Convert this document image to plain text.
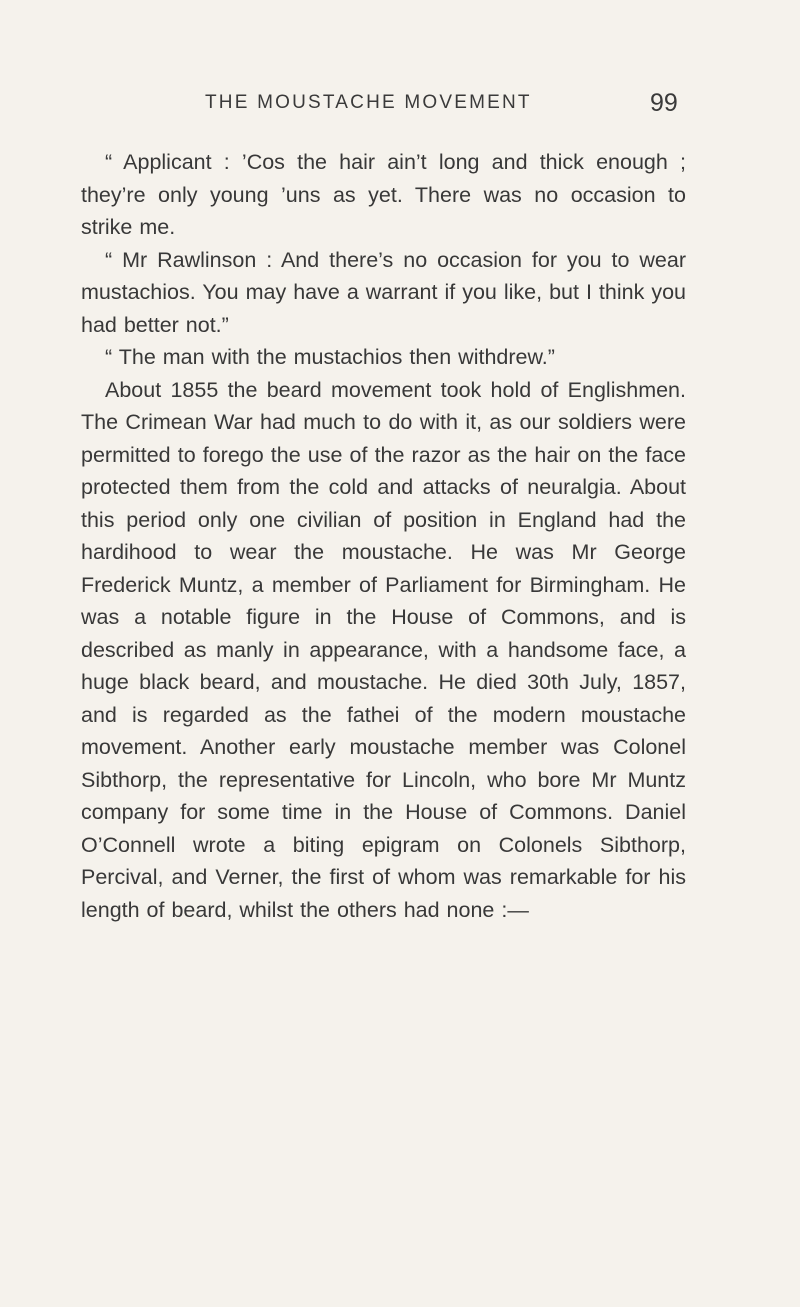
THE MOUSTACHE MOVEMENT	99

“ Applicant : ’Cos the hair ain’t long and thick enough ; they’re only young ’uns as yet. There was no occasion to strike me.

“ Mr Rawlinson : And there’s no occasion for you to wear mustachios. You may have a warrant if you like, but I think you had better not.”

“ The man with the mustachios then withdrew.”

About 1855 the beard movement took hold of Englishmen. The Crimean War had much to do with it, as our soldiers were permitted to forego the use of the razor as the hair on the face protected them from the cold and attacks of neuralgia. About this period only one civilian of position in England had the hardihood to wear the moustache. He was Mr George Frederick Muntz, a member of Parliament for Birmingham. He was a notable figure in the House of Commons, and is described as manly in appearance, with a handsome face, a huge black beard, and moustache. He died 30th July, 1857, and is regarded as the fathei of the modern moustache movement. Another early moustache member was Colonel Sibthorp, the representative for Lincoln, who bore Mr Muntz company for some time in the House of Commons. Daniel O’Connell wrote a biting epigram on Colonels Sibthorp, Percival, and Verner, the first of whom was remarkable for his length of beard, whilst the others had none :—
